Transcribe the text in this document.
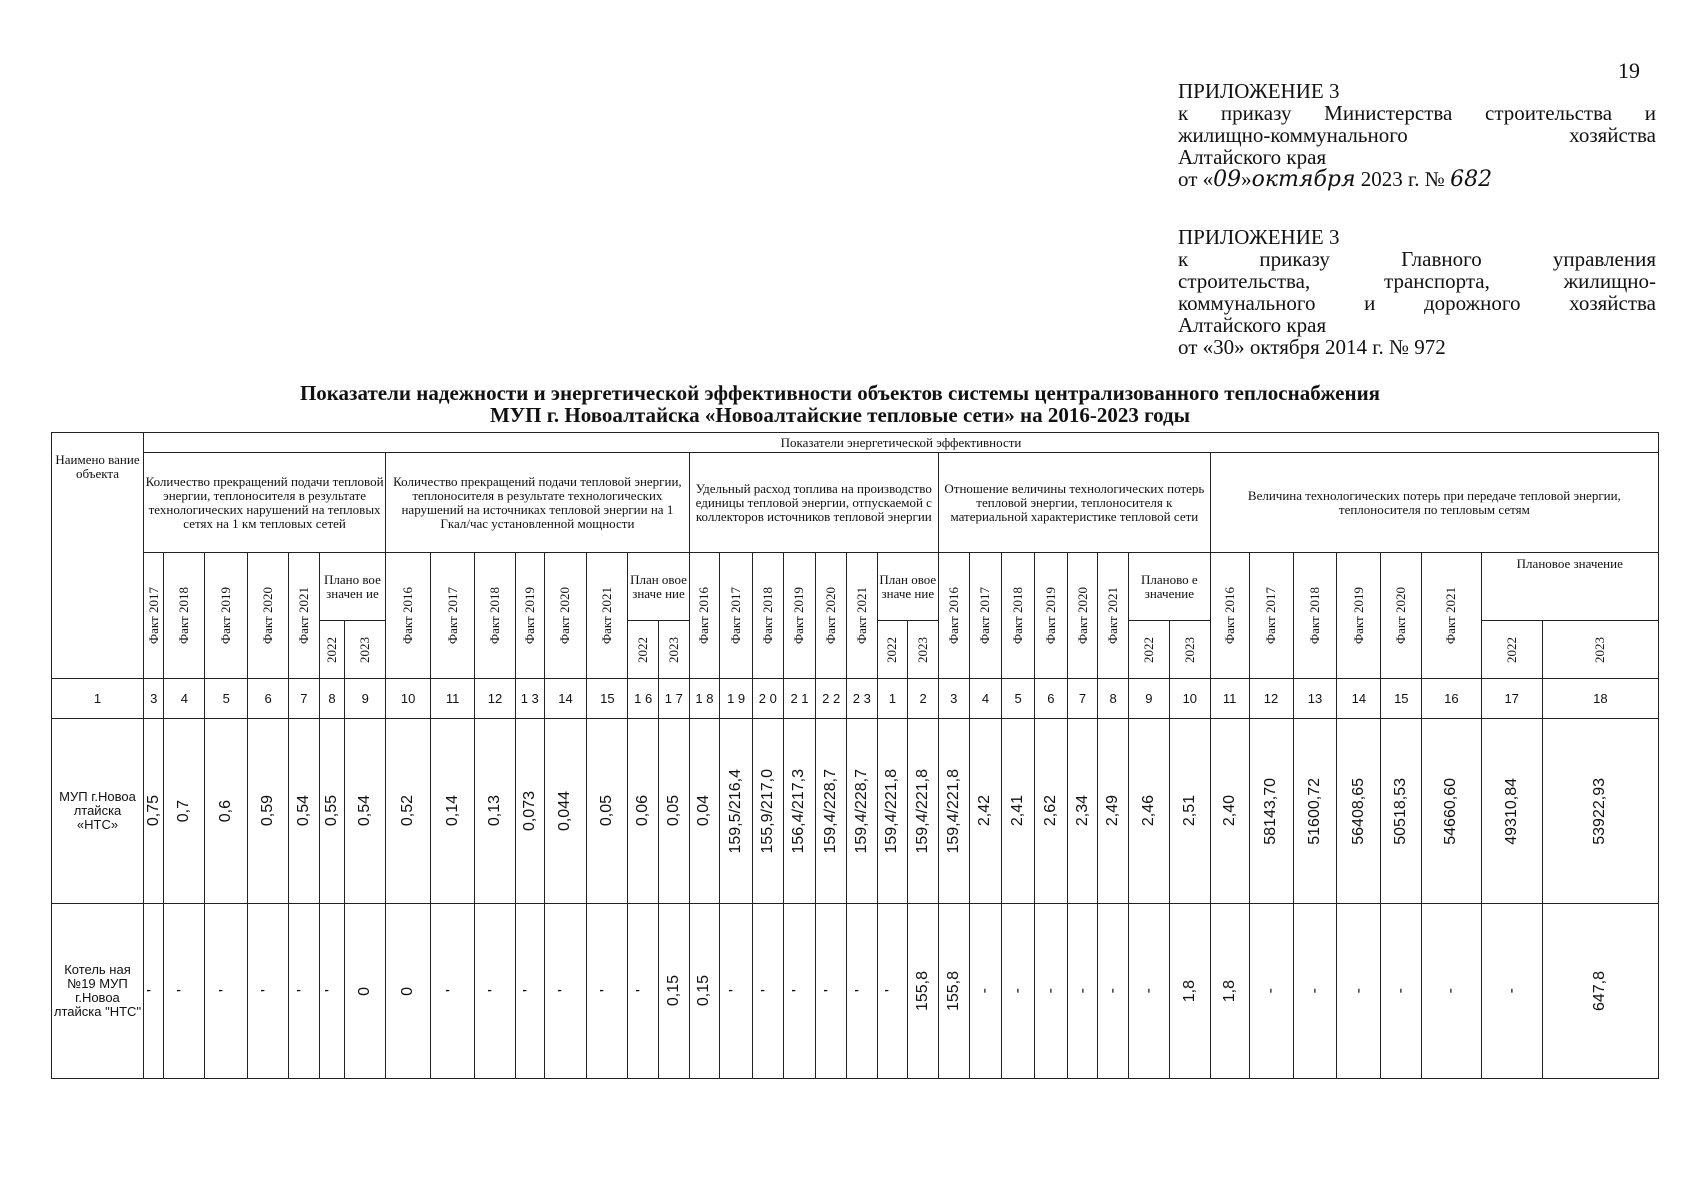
19
ПРИЛОЖЕНИЕ 3
к приказу Министерства строительства и
жилищно-коммунального хозяйства
Алтайского края
от «09»октября 2023 г. № 682
ПРИЛОЖЕНИЕ 3
к приказу Главного управления
строительства, транспорта, жилищно-
коммунального и дорожного хозяйства
Алтайского края
от «30» октября 2014 г. № 972
Показатели надежности и энергетической эффективности объектов системы централизованного теплоснабжения
МУП г. Новоалтайска «Новоалтайские тепловые сети» на 2016-2023 годы
Наимено вание объекта	Показатели энергетической эффективности																																						
	Количество прекращений подачи тепловой энергии, теплоносителя в результате технологических нарушений на тепловых сетях на 1 км тепловых сетей							Количество прекращений подачи тепловой энергии, теплоносителя в результате технологических нарушений на источниках тепловой энергии на 1 Гкал/час установленной мощности								Удельный расход топлива на производство единицы тепловой энергии, отпускаемой с коллекторов источников тепловой энергии								Отношение величины технологических потерь тепловой энергии, теплоносителя к материальной характеристике тепловой сети								Величина технологических потерь при передаче тепловой энергии, теплоносителя по тепловым сетям							

	Факт 2017	Факт 2018	Факт 2019	Факт 2020	Факт 2021	Плано вое значен ие		Факт 2016	Факт 2017	Факт 2018	Факт 2019	Факт 2020	Факт 2021	План овое значе ние		Факт 2016	Факт 2017	Факт 2018	Факт 2019	Факт 2020	Факт 2021	План овое значе ние		Факт 2016	Факт 2017	Факт 2018	Факт 2019	Факт 2020	Факт 2021	Планово е значение		Факт 2016	Факт 2017	Факт 2018	Факт 2019	Факт 2020	Факт 2021	Плановое значение	

						2022	2023							2022	2023							2022	2023							2022	2023							2022	2023

1	3	4	5	6	7	8	9	10	11	12	1 3	14	15	1 6	1 7	1 8	1 9	2 0	2 1	2 2	2 3	1	2	3	4	5	6	7	8	9	10	11	12	13	14	15	16	17	18
МУП г.Новоа лтайска «НТС»	0,75	0,7	0,6	0,59	0,54	0,55	0,54	0,52	0,14	0,13	0,073	0,044	0,05	0,06	0,05	0,04	159,5/216,4	155,9/217,0	156,4/217,3	159,4/228,7	159,4/228,7	159,4/221,8	159,4/221,8	159,4/221,8	2,42	2,41	2,62	2,34	2,49	2,46	2,51	2,40	58143,70	51600,72	56408,65	50518,53	54660,60	49310,84	53922,93

Котель ная №19 МУП г.Новоа лтайска "НТС"	'	'	'	'	'	'	0	0	'	'	'	'	'	'	0,15	0,15	'	'	'	'	'	'	155,8	155,8	-	-	-	-	-	-	1,8	1,8	-	-	-	-	-	-	647,8
